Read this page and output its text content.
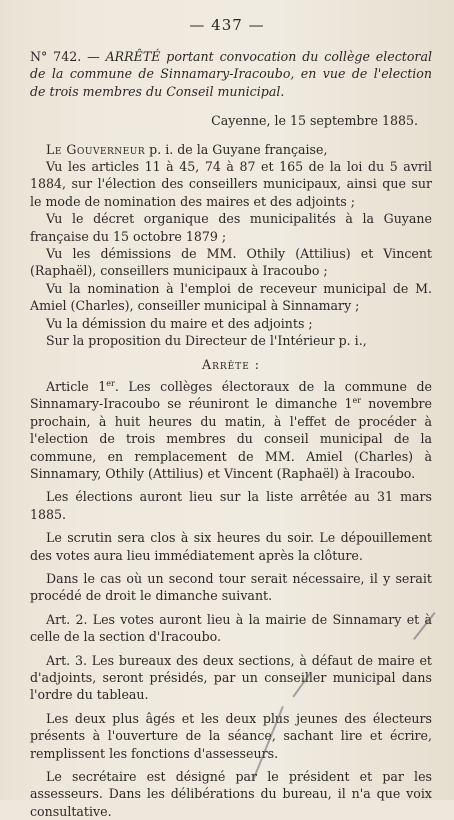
— 437 —

N° 742. — ARRÊTÉ portant convocation du collège electoral de la commune de Sinnamary-Iracoubo, en vue de l'election de trois membres du Conseil municipal.

Cayenne, le 15 septembre 1885.

Le Gouverneur p. i. de la Guyane française,

Vu les articles 11 à 45, 74 à 87 et 165 de la loi du 5 avril 1884, sur l'élection des conseillers municipaux, ainsi que sur le mode de nomination des maires et des adjoints ;

Vu le décret organique des municipalités à la Guyane française du 15 octobre 1879 ;

Vu les démissions de MM. Othily (Attilius) et Vincent (Raphaël), conseillers municipaux à Iracoubo ;

Vu la nomination à l'emploi de receveur municipal de M. Amiel (Charles), conseiller municipal à Sinnamary ;

Vu la démission du maire et des adjoints ;

Sur la proposition du Directeur de l'Intérieur p. i.,

Arrête :

Article 1er. Les collèges électoraux de la commune de Sinnamary-Iracoubo se réuniront le dimanche 1er novembre prochain, à huit heures du matin, à l'effet de procéder à l'election de trois membres du conseil municipal de la commune, en remplacement de MM. Amiel (Charles) à Sinnamary, Othily (Attilius) et Vincent (Raphaël) à Iracoubo.

Les élections auront lieu sur la liste arrêtée au 31 mars 1885.

Le scrutin sera clos à six heures du soir. Le dépouillement des votes aura lieu immédiatement après la clôture.

Dans le cas où un second tour serait nécessaire, il y serait procédé de droit le dimanche suivant.

Art. 2. Les votes auront lieu à la mairie de Sinnamary et à celle de la section d'Iracoubo.

Art. 3. Les bureaux des deux sections, à défaut de maire et d'adjoints, seront présidés, par un conseiller municipal dans l'ordre du tableau.

Les deux plus âgés et les deux plus jeunes des électeurs présents à l'ouverture de la séance, sachant lire et écrire, remplissent les fonctions d'assesseurs.

Le secrétaire est désigné par le président et par les assesseurs. Dans les délibérations du bureau, il n'a que voix consultative.
